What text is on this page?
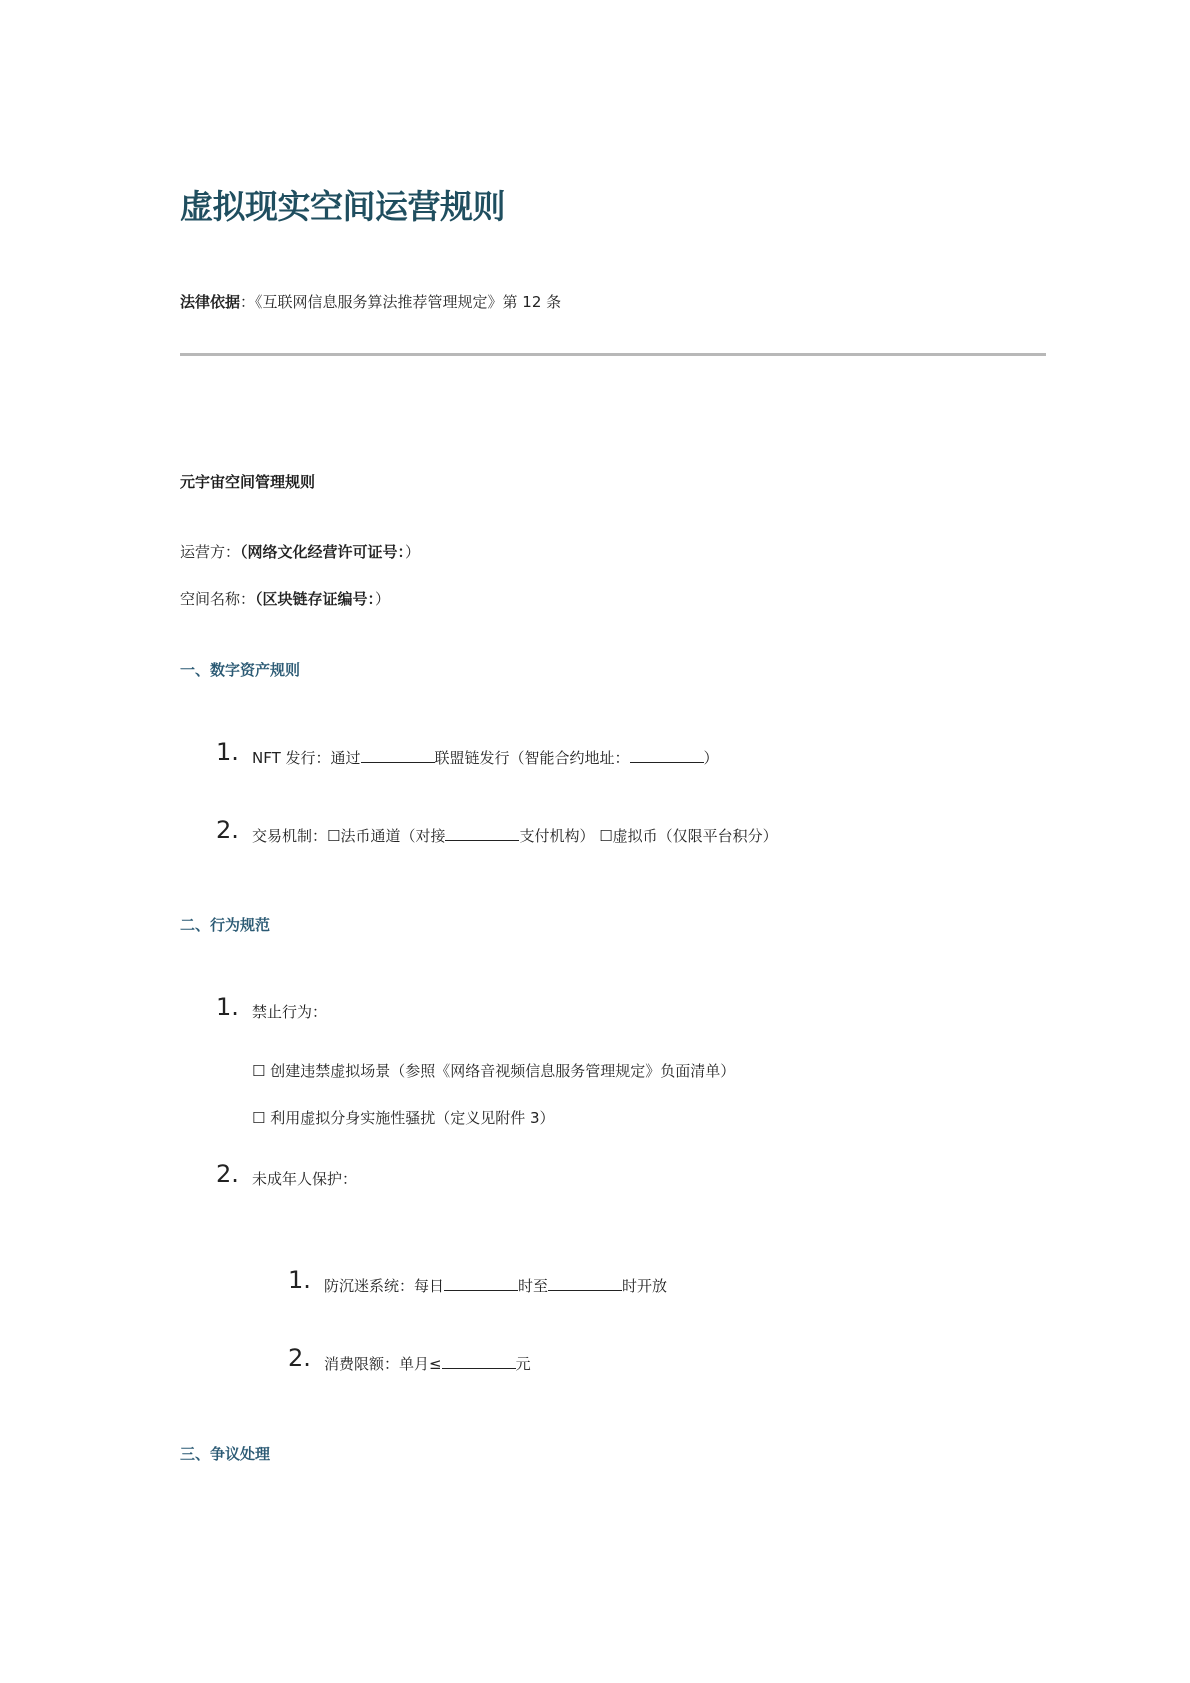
虚拟现实空间运营规则
法律依据：《互联网信息服务算法推荐管理规定》第 12 条
元宇宙空间管理规则
运营方：（网络文化经营许可证号：）
空间名称：（区块链存证编号：）
一、数字资产规则
1. NFT 发行：通过	联盟链发行（智能合约地址：	）
2. 交易机制：☐法币通道（对接	支付机构） ☐虚拟币（仅限平台积分）
二、行为规范
1. 禁止行为：
☐ 创建违禁虚拟场景（参照《网络音视频信息服务管理规定》负面清单）
☐ 利用虚拟分身实施性骚扰（定义见附件 3）
2. 未成年人保护：
1. 防沉迷系统：每日	时至	时开放
2. 消费限额：单月≤	元
三、争议处理
